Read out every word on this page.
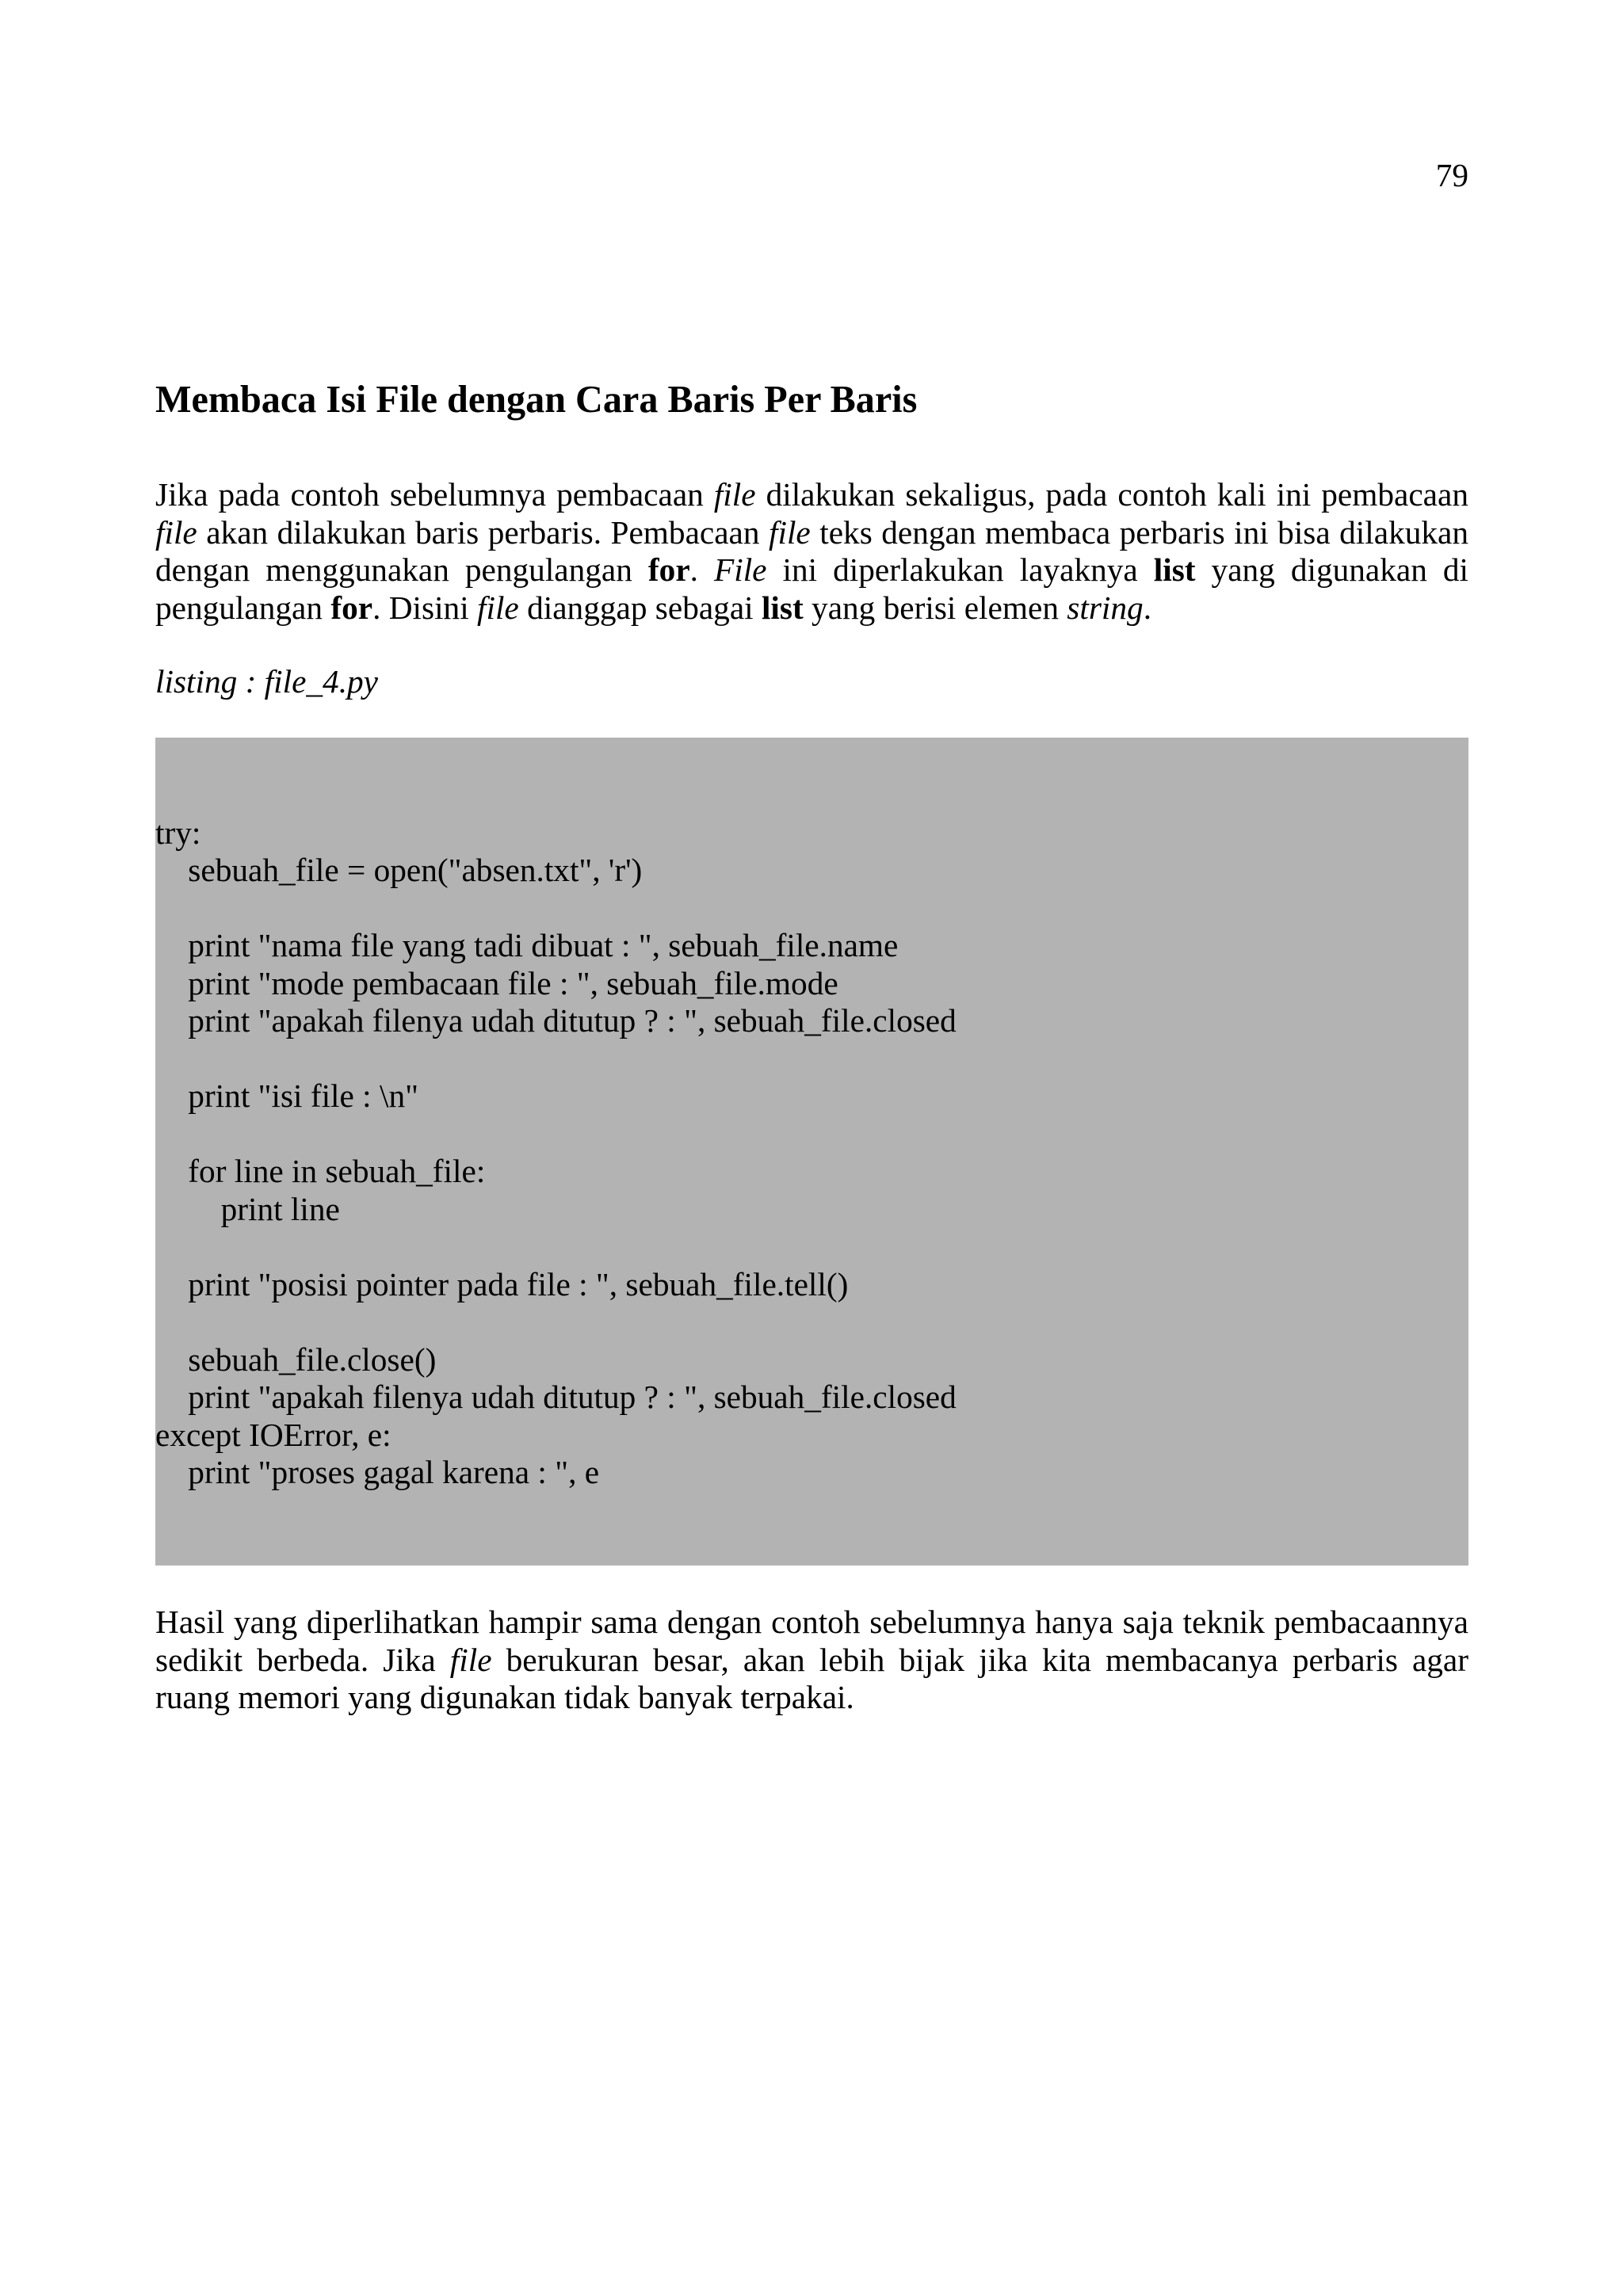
79
Membaca Isi File dengan Cara Baris Per Baris
Jika pada contoh sebelumnya pembacaan file dilakukan sekaligus, pada contoh kali ini pembacaan
file akan dilakukan baris perbaris. Pembacaan file teks dengan membaca perbaris ini bisa dilakukan
dengan menggunakan pengulangan for. File ini diperlakukan layaknya list yang digunakan di
pengulangan for. Disini file dianggap sebagai list yang berisi elemen string.
listing : file_4.py
try:
sebuah_file = open("absen.txt", 'r')
print "nama file yang tadi dibuat : ", sebuah_file.name
print "mode pembacaan file : ", sebuah_file.mode
print "apakah filenya udah ditutup ? : ", sebuah_file.closed
print "isi file : \n"
for line in sebuah_file:
print line
print "posisi pointer pada file : ", sebuah_file.tell()
sebuah_file.close()
print "apakah filenya udah ditutup ? : ", sebuah_file.closed
except IOError, e:
print "proses gagal karena : ", e
Hasil yang diperlihatkan hampir sama dengan contoh sebelumnya hanya saja teknik pembacaannya
sedikit berbeda. Jika file berukuran besar, akan lebih bijak jika kita membacanya perbaris agar
ruang memori yang digunakan tidak banyak terpakai.
